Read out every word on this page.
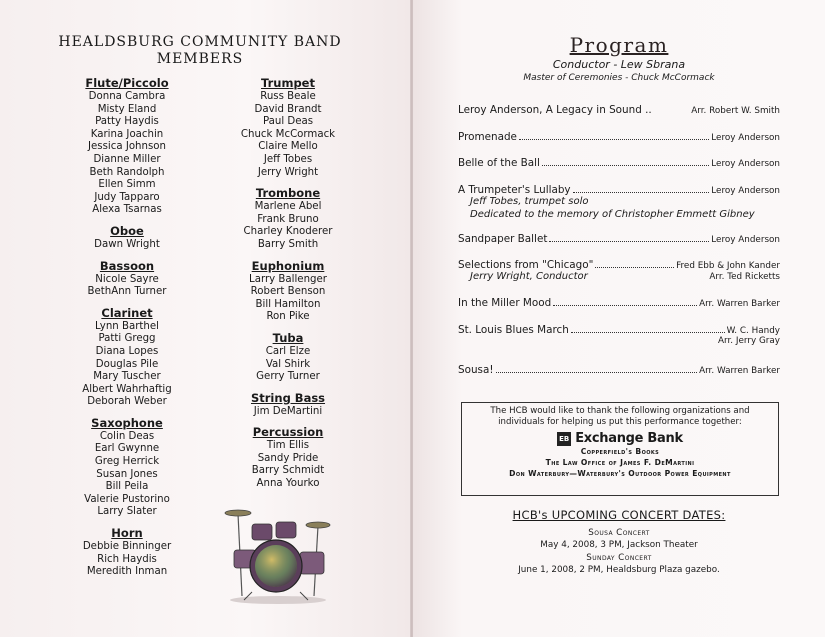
HEALDSBURG COMMUNITY BAND
MEMBERS
Flute/Piccolo
Donna Cambra
Misty Eland
Patty Haydis
Karina Joachin
Jessica Johnson
Dianne Miller
Beth Randolph
Ellen Simm
Judy Tapparo
Alexa Tsarnas
Oboe
Dawn Wright
Bassoon
Nicole Sayre
BethAnn Turner
Clarinet
Lynn Barthel
Patti Gregg
Diana Lopes
Douglas Pile
Mary Tuscher
Albert Wahrhaftig
Deborah Weber
Saxophone
Colin Deas
Earl Gwynne
Greg Herrick
Susan Jones
Bill Peila
Valerie Pustorino
Larry Slater
Horn
Debbie Binninger
Rich Haydis
Meredith Inman
Trumpet
Russ Beale
David Brandt
Paul Deas
Chuck McCormack
Claire Mello
Jeff Tobes
Jerry Wright
Trombone
Marlene Abel
Frank Bruno
Charley Knoderer
Barry Smith
Euphonium
Larry Ballenger
Robert Benson
Bill Hamilton
Ron Pike
Tuba
Carl Elze
Val Shirk
Gerry Turner
String Bass
Jim DeMartini
Percussion
Tim Ellis
Sandy Pride
Barry Schmidt
Anna Yourko
Program
Conductor - Lew Sbrana
Master of Ceremonies - Chuck McCormack
Leroy Anderson, A Legacy in Sound ..	Arr. Robert W. Smith
Promenade	Leroy Anderson
Belle of the Ball	Leroy Anderson
A Trumpeter's Lullaby	Leroy Anderson
Jeff Tobes, trumpet solo
Dedicated to the memory of Christopher Emmett Gibney
Sandpaper Ballet	Leroy Anderson
Selections from "Chicago"	Fred Ebb & John Kander
Jerry Wright, Conductor	Arr. Ted Ricketts
In the Miller Mood	Arr. Warren Barker
St. Louis Blues March	W. C. Handy
Arr. Jerry Gray
Sousa!	Arr. Warren Barker
The HCB would like to thank the following organizations and
individuals for helping us put this performance together:
EB Exchange Bank
Copperfield's Books
The Law Office of James F. DeMartini
Don Waterbury—Waterbury's Outdoor Power Equipment
HCB's UPCOMING CONCERT DATES:
Sousa Concert
May 4, 2008, 3 PM, Jackson Theater
Sunday Concert
June 1, 2008, 2 PM, Healdsburg Plaza gazebo.
